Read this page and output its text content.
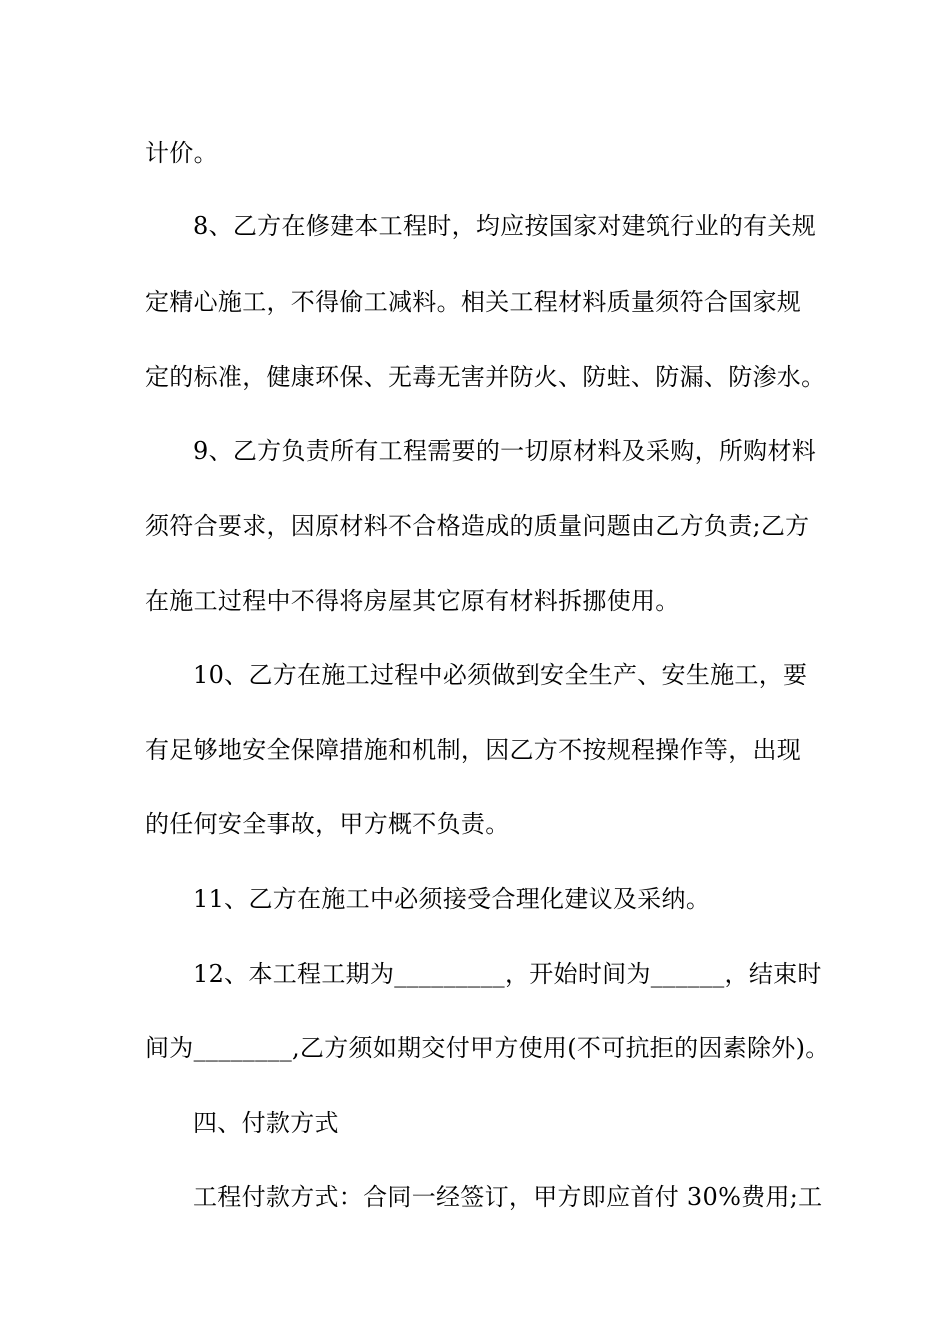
计价。
8、乙方在修建本工程时，均应按国家对建筑行业的有关规
定精心施工，不得偷工减料。相关工程材料质量须符合国家规
定的标准，健康环保、无毒无害并防火、防蛀、防漏、防渗水。
9、乙方负责所有工程需要的一切原材料及采购，所购材料
须符合要求，因原材料不合格造成的质量问题由乙方负责;乙方
在施工过程中不得将房屋其它原有材料拆挪使用。
10、乙方在施工过程中必须做到安全生产、安生施工，要
有足够地安全保障措施和机制，因乙方不按规程操作等，出现
的任何安全事故，甲方概不负责。
11、乙方在施工中必须接受合理化建议及采纳。
12、本工程工期为_________，开始时间为______，结束时
间为________,乙方须如期交付甲方使用(不可抗拒的因素除外)。
四、付款方式
工程付款方式：合同一经签订，甲方即应首付 30%费用;工
